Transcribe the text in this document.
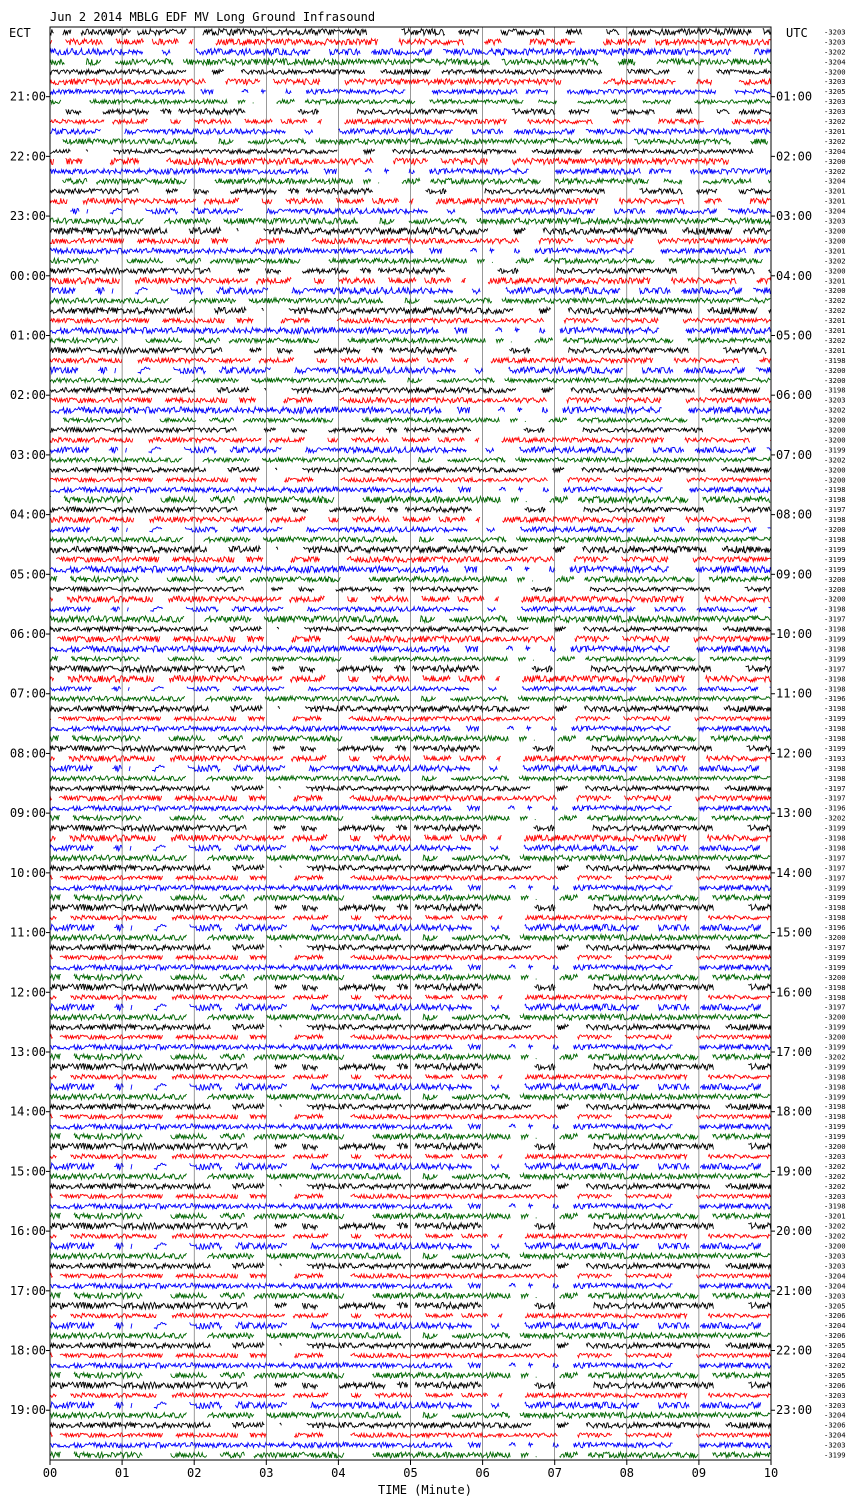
Jun 2 2014 MBLG EDF MV Long Ground Infrasound
ECT	UTC
00	01	02	03	04	05	06	07	08	09	10
21:00	01:00
22:00	02:00
23:00	03:00
00:00	04:00
01:00	05:00
02:00	06:00
03:00	07:00
04:00	08:00
05:00	09:00
06:00	10:00
07:00	11:00
08:00	12:00
09:00	13:00
10:00	14:00
11:00	15:00
12:00	16:00
13:00	17:00
14:00	18:00
15:00	19:00
16:00	20:00
17:00	21:00
18:00	22:00
19:00	23:00
-3203
-3203
-3202
-3204
-3200
-3203
-3205
-3203
-3203
-3202
-3201
-3202
-3204
-3200
-3202
-3204
-3201
-3201
-3204
-3203
-3200
-3200
-3201
-3202
-3200
-3201
-3200
-3202
-3202
-3201
-3201
-3202
-3201
-3198
-3200
-3200
-3198
-3203
-3202
-3200
-3200
-3200
-3199
-3202
-3200
-3200
-3198
-3198
-3197
-3198
-3200
-3198
-3199
-3199
-3199
-3200
-3200
-3200
-3198
-3197
-3198
-3199
-3198
-3199
-3197
-3198
-3198
-3196
-3198
-3199
-3198
-3198
-3199
-3193
-3198
-3198
-3197
-3197
-3196
-3202
-3199
-3198
-3198
-3197
-3197
-3197
-3199
-3199
-3198
-3198
-3196
-3200
-3197
-3199
-3199
-3200
-3198
-3198
-3197
-3200
-3199
-3200
-3199
-3202
-3199
-3198
-3198
-3199
-3198
-3198
-3199
-3199
-3200
-3203
-3202
-3202
-3202
-3203
-3198
-3201
-3202
-3202
-3200
-3203
-3203
-3204
-3204
-3203
-3205
-3206
-3204
-3206
-3205
-3204
-3202
-3205
-3206
-3203
-3203
-3204
-3206
-3204
-3203
-3199
TIME (Minute)
